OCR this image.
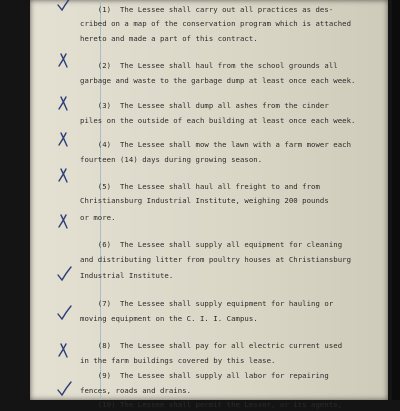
(1)  The Lessee shall carry out all practices as des-

cribed on a map of the conservation program which is attached

hereto and made a part of this contract.

(2)  The Lessee shall haul from the school grounds all

garbage and waste to the garbage dump at least once each week.

(3)  The Lessee shall dump all ashes from the cinder

piles on the outside of each building at least once each week.

(4)  The Lessee shall mow the lawn with a farm mower each

fourteen (14) days during growing season.

(5)  The Lessee shall haul all freight to and from

Christiansburg Industrial Institute, weighing 200 pounds

or more.

(6)  The Lessee shall supply all equipment for cleaning

and distributing litter from poultry houses at Christiansburg

Industrial Institute.

(7)  The Lessee shall supply equipment for hauling or

moving equipment on the C. I. I. Campus.

(8)  The Lessee shall pay for all electric current used

in the farm buildings covered by this lease.

(9)  The Lessee shall supply all labor for repairing

fences, roads and drains.

(10) The Lessee shall permit the Lessor, or its agents,
